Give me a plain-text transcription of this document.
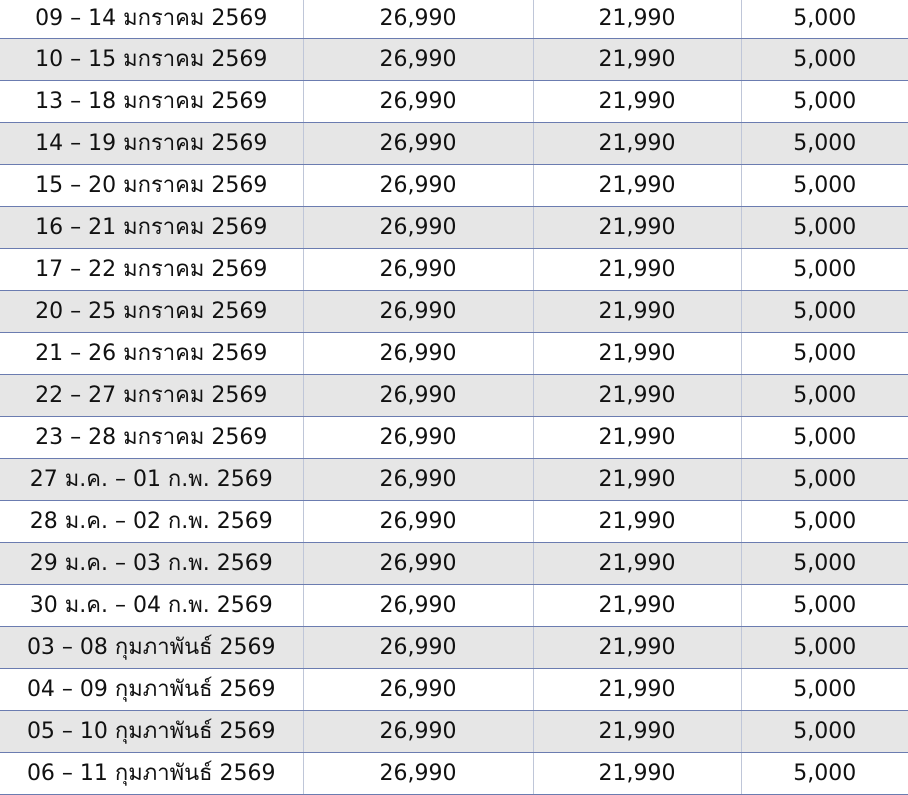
09 – 14 มกราคม 2569	26,990	21,990	5,000
10 – 15 มกราคม 2569	26,990	21,990	5,000
13 – 18 มกราคม 2569	26,990	21,990	5,000
14 – 19 มกราคม 2569	26,990	21,990	5,000
15 – 20 มกราคม 2569	26,990	21,990	5,000
16 – 21 มกราคม 2569	26,990	21,990	5,000
17 – 22 มกราคม 2569	26,990	21,990	5,000
20 – 25 มกราคม 2569	26,990	21,990	5,000
21 – 26 มกราคม 2569	26,990	21,990	5,000
22 – 27 มกราคม 2569	26,990	21,990	5,000
23 – 28 มกราคม 2569	26,990	21,990	5,000
27 ม.ค. – 01 ก.พ. 2569	26,990	21,990	5,000
28 ม.ค. – 02 ก.พ. 2569	26,990	21,990	5,000
29 ม.ค. – 03 ก.พ. 2569	26,990	21,990	5,000
30 ม.ค. – 04 ก.พ. 2569	26,990	21,990	5,000
03 – 08 กุมภาพันธ์ 2569	26,990	21,990	5,000
04 – 09 กุมภาพันธ์ 2569	26,990	21,990	5,000
05 – 10 กุมภาพันธ์ 2569	26,990	21,990	5,000
06 – 11 กุมภาพันธ์ 2569	26,990	21,990	5,000
